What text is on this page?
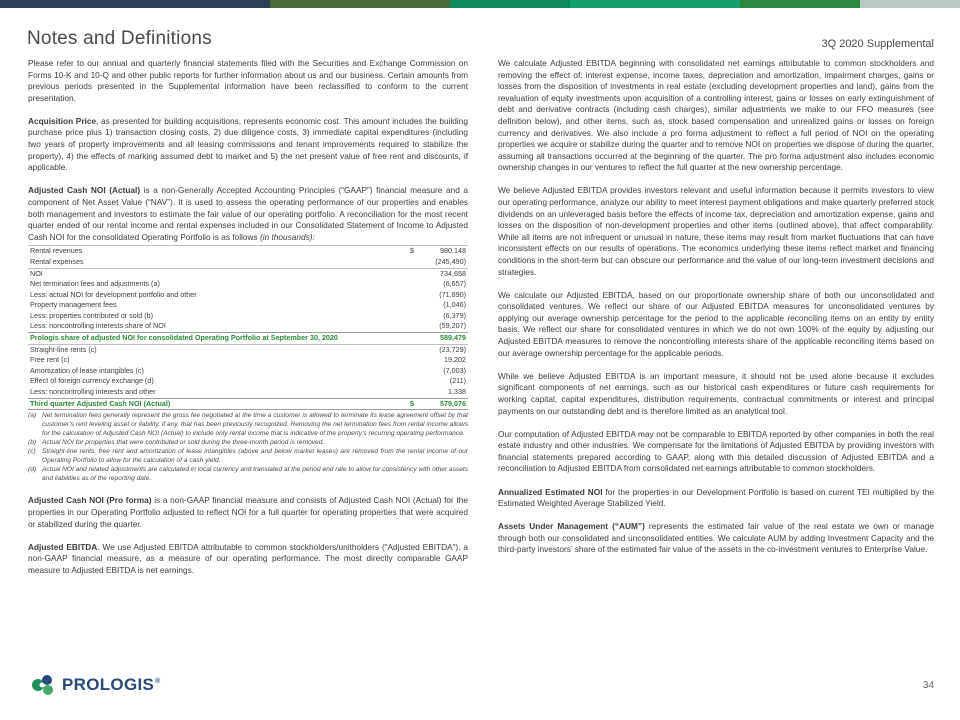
Notes and Definitions	3Q 2020 Supplemental

Please refer to our annual and quarterly financial statements filed with the Securities and Exchange Commission on Forms 10-K and 10-Q and other public reports for further information about us and our business. Certain amounts from previous periods presented in the Supplemental information have been reclassified to conform to the current presentation.

Acquisition Price, as presented for building acquisitions, represents economic cost. This amount includes the building purchase price plus 1) transaction closing costs, 2) due diligence costs, 3) immediate capital expenditures (including two years of property improvements and all leasing commissions and tenant improvements required to stabilize the property), 4) the effects of marking assumed debt to market and 5) the net present value of free rent and discounts, if applicable.

Adjusted Cash NOI (Actual) is a non-Generally Accepted Accounting Principles (“GAAP”) financial measure and a component of Net Asset Value (“NAV”). It is used to assess the operating performance of our properties and enables both management and investors to estimate the fair value of our operating portfolio. A reconciliation for the most recent quarter ended of our rental income and rental expenses included in our Consolidated Statement of Income to Adjusted Cash NOI for the consolidated Operating Portfolio is as follows (in thousands):

Rental revenues	$	980,148
Rental expenses		(245,490)
NOI		734,658
Net termination fees and adjustments (a)		(6,657)
Less: actual NOI for development portfolio and other		(71,890)
Property management fees		(1,046)
Less: properties contributed or sold (b)		(6,379)
Less: noncontrolling interests share of NOI		(59,207)
Prologis share of adjusted NOI for consolidated Operating Portfolio at September 30, 2020		589,479
Straight-line rents (c)		(23,729)
Free rent (c)		19,202
Amortization of lease intangibles (c)		(7,003)
Effect of foreign currency exchange (d)		(211)
Less: noncontrolling interests and other		1,338
Third quarter Adjusted Cash NOI (Actual)	$	579,076
(a) Net termination fees generally represent the gross fee negotiated at the time a customer is allowed to terminate its lease agreement offset by that customer’s rent leveling asset or liability, if any, that has been previously recognized. Removing the net termination fees from rental income allows for the calculation of Adjusted Cash NOI (Actual) to include only rental income that is indicative of the property’s recurring operating performance.
(b) Actual NOI for properties that were contributed or sold during the three-month period is removed.
(c) Straight-line rents, free rent and amortization of lease intangibles (above and below market leases) are removed from the rental income of our Operating Portfolio to allow for the calculation of a cash yield.
(d) Actual NOI and related adjustments are calculated in local currency and translated at the period end rate to allow for consistency with other assets and liabilities as of the reporting date.

Adjusted Cash NOI (Pro forma) is a non-GAAP financial measure and consists of Adjusted Cash NOI (Actual) for the properties in our Operating Portfolio adjusted to reflect NOI for a full quarter for operating properties that were acquired or stabilized during the quarter.

Adjusted EBITDA. We use Adjusted EBITDA attributable to common stockholders/unitholders (“Adjusted EBITDA”), a non-GAAP financial measure, as a measure of our operating performance. The most directly comparable GAAP measure to Adjusted EBITDA is net earnings.

We calculate Adjusted EBITDA beginning with consolidated net earnings attributable to common stockholders and removing the effect of: interest expense, income taxes, depreciation and amortization, impairment charges, gains or losses from the disposition of investments in real estate (excluding development properties and land), gains from the revaluation of equity investments upon acquisition of a controlling interest, gains or losses on early extinguishment of debt and derivative contracts (including cash charges), similar adjustments we make to our FFO measures (see definition below), and other items, such as, stock based compensation and unrealized gains or losses on foreign currency and derivatives. We also include a pro forma adjustment to reflect a full period of NOI on the operating properties we acquire or stabilize during the quarter and to remove NOI on properties we dispose of during the quarter, assuming all transactions occurred at the beginning of the quarter. The pro forma adjustment also includes economic ownership changes in our ventures to reflect the full quarter at the new ownership percentage.

We believe Adjusted EBITDA provides investors relevant and useful information because it permits investors to view our operating performance, analyze our ability to meet interest payment obligations and make quarterly preferred stock dividends on an unleveraged basis before the effects of income tax, depreciation and amortization expense, gains and losses on the disposition of non-development properties and other items (outlined above), that affect comparability. While all items are not infrequent or unusual in nature, these items may result from market fluctuations that can have inconsistent effects on our results of operations. The economics underlying these items reflect market and financing conditions in the short-term but can obscure our performance and the value of our long-term investment decisions and strategies.

We calculate our Adjusted EBITDA, based on our proportionate ownership share of both our unconsolidated and consolidated ventures. We reflect our share of our Adjusted EBITDA measures for unconsolidated ventures by applying our average ownership percentage for the period to the applicable reconciling items on an entity by entity basis. We reflect our share for consolidated ventures in which we do not own 100% of the equity by adjusting our Adjusted EBITDA measures to remove the noncontrolling interests share of the applicable reconciling items based on our average ownership percentage for the applicable periods.

While we believe Adjusted EBITDA is an important measure, it should not be used alone because it excludes significant components of net earnings, such as our historical cash expenditures or future cash requirements for working capital, capital expenditures, distribution requirements, contractual commitments or interest and principal payments on our outstanding debt and is therefore limited as an analytical tool.

Our computation of Adjusted EBITDA may not be comparable to EBITDA reported by other companies in both the real estate industry and other industries. We compensate for the limitations of Adjusted EBITDA by providing investors with financial statements prepared according to GAAP, along with this detailed discussion of Adjusted EBITDA and a reconciliation to Adjusted EBITDA from consolidated net earnings attributable to common stockholders.

Annualized Estimated NOI for the properties in our Development Portfolio is based on current TEI multiplied by the Estimated Weighted Average Stabilized Yield.

Assets Under Management (“AUM”) represents the estimated fair value of the real estate we own or manage through both our consolidated and unconsolidated entities. We calculate AUM by adding Investment Capacity and the third-party investors’ share of the estimated fair value of the assets in the co-investment ventures to Enterprise Value.

PROLOGIS®	34
